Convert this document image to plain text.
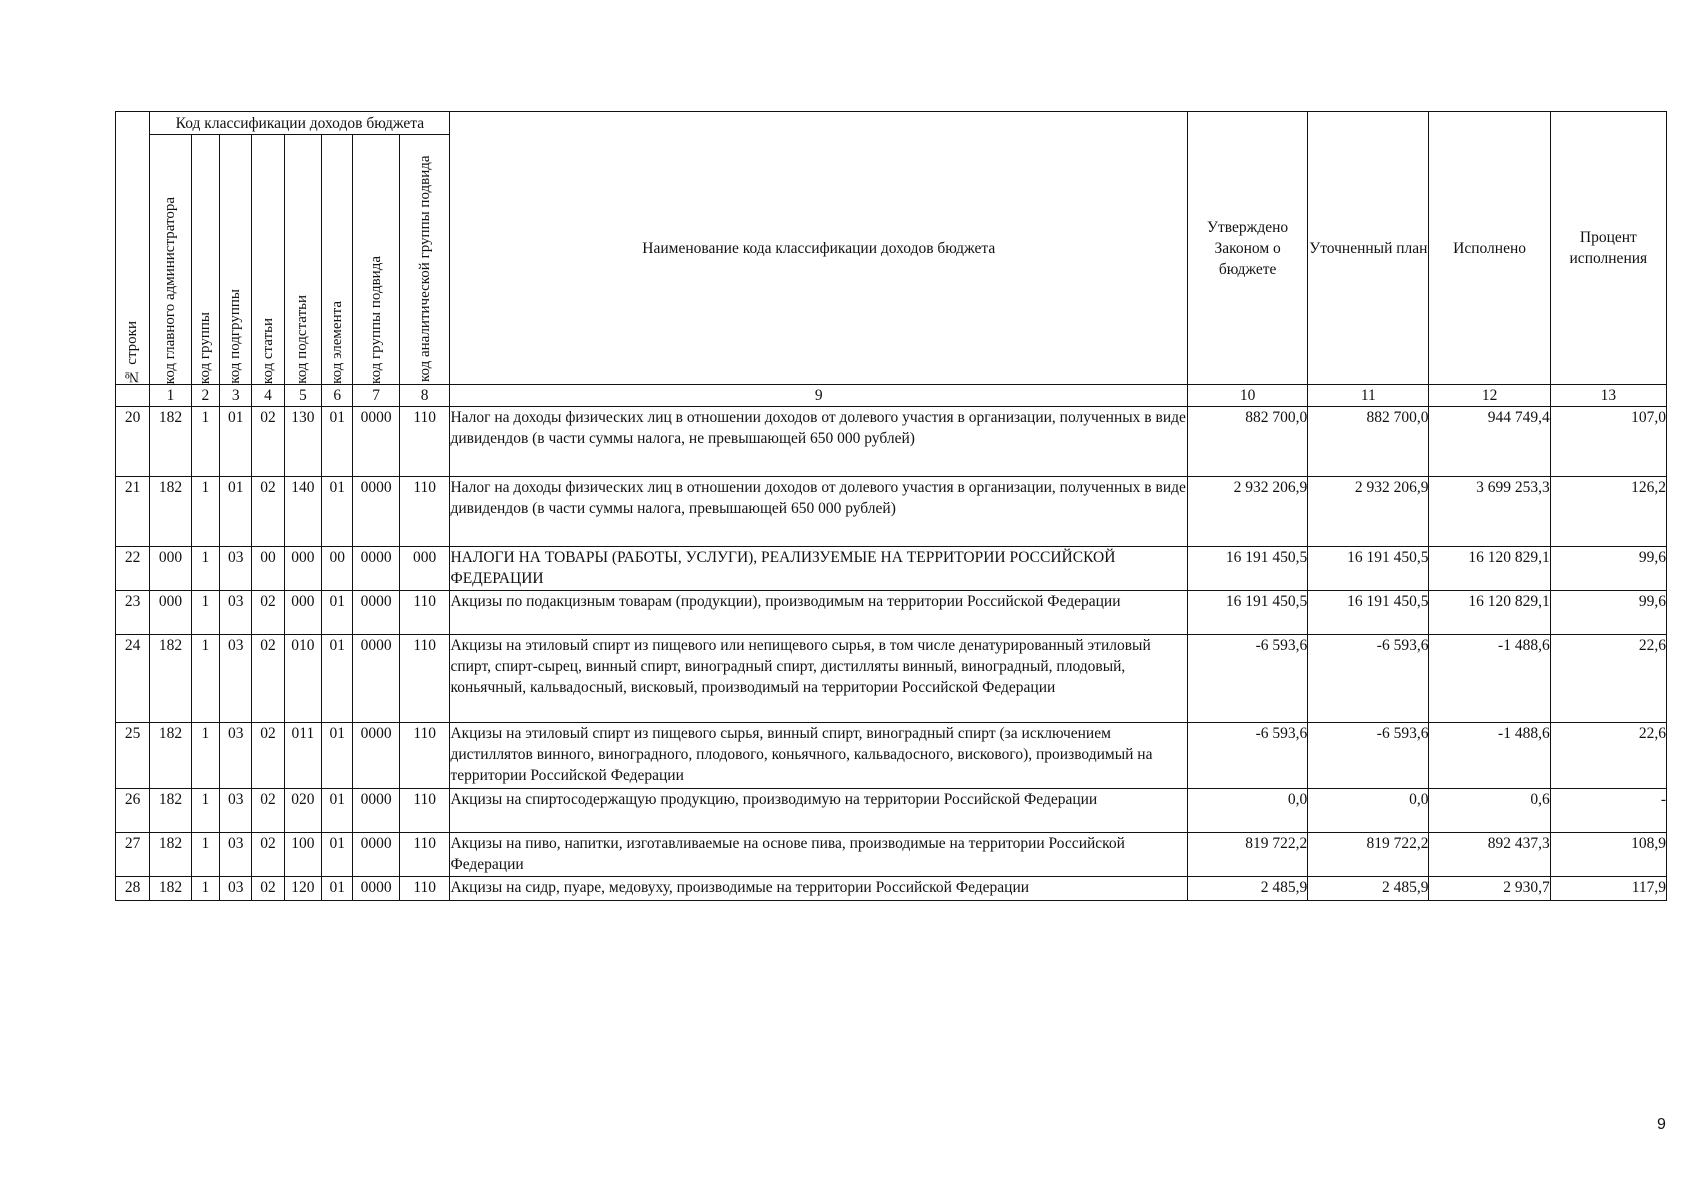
№ строки	Код классификации доходов бюджета								Наименование кода классификации доходов бюджета	Утверждено Законом о бюджете	Уточненный план	Исполнено	Процент исполнения

	код главного администратора	код группы	код подгруппы	код статьи	код подстатьи	код элемента	код группы подвида	код аналитической группы подвида					

	1	2	3	4	5	6	7	8	9	10	11	12	13
20	182	1	01	02	130	01	0000	110	Налог на доходы физических лиц в отношении доходов от долевого участия в организации, полученных в виде дивидендов (в части суммы налога, не превышающей 650 000 рублей)	882 700,0	882 700,0	944 749,4	107,0
21	182	1	01	02	140	01	0000	110	Налог на доходы физических лиц в отношении доходов от долевого участия в организации, полученных в виде дивидендов (в части суммы налога, превышающей 650 000 рублей)	2 932 206,9	2 932 206,9	3 699 253,3	126,2
22	000	1	03	00	000	00	0000	000	НАЛОГИ НА ТОВАРЫ (РАБОТЫ, УСЛУГИ), РЕАЛИЗУЕМЫЕ НА ТЕРРИТОРИИ РОССИЙСКОЙ ФЕДЕРАЦИИ	16 191 450,5	16 191 450,5	16 120 829,1	99,6
23	000	1	03	02	000	01	0000	110	Акцизы по подакцизным товарам (продукции), производимым на территории Российской Федерации	16 191 450,5	16 191 450,5	16 120 829,1	99,6
24	182	1	03	02	010	01	0000	110	Акцизы на этиловый спирт из пищевого или непищевого сырья, в том числе денатурированный этиловый спирт, спирт-сырец, винный спирт, виноградный спирт, дистилляты винный, виноградный, плодовый, коньячный, кальвадосный, висковый, производимый на территории Российской Федерации	-6 593,6	-6 593,6	-1 488,6	22,6
25	182	1	03	02	011	01	0000	110	Акцизы на этиловый спирт из пищевого сырья, винный спирт, виноградный спирт (за исключением дистиллятов винного, виноградного, плодового, коньячного, кальвадосного, вискового), производимый на территории Российской Федерации	-6 593,6	-6 593,6	-1 488,6	22,6
26	182	1	03	02	020	01	0000	110	Акцизы на спиртосодержащую продукцию, производимую на территории Российской Федерации	0,0	0,0	0,6	-
27	182	1	03	02	100	01	0000	110	Акцизы на пиво, напитки, изготавливаемые на основе пива, производимые на территории Российской Федерации	819 722,2	819 722,2	892 437,3	108,9
28	182	1	03	02	120	01	0000	110	Акцизы на сидр, пуаре, медовуху, производимые на территории Российской Федерации	2 485,9	2 485,9	2 930,7	117,9
9
